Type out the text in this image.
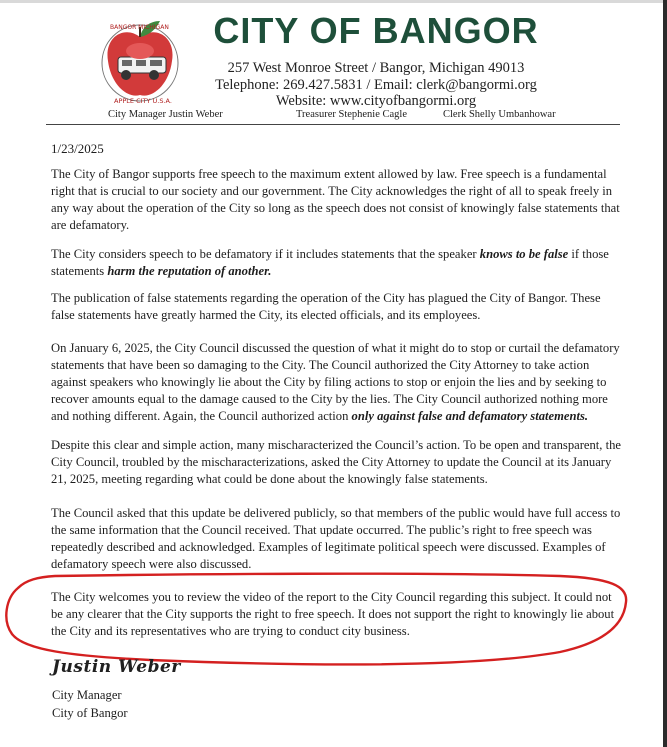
BANGOR MICHIGAN
APPLE CITY U.S.A.
CITY OF BANGOR
257 West Monroe Street / Bangor, Michigan 49013
Telephone: 269.427.5831 / Email: clerk@bangormi.org
Website: www.cityofbangormi.org
City Manager Justin Weber	Treasurer Stephenie Cagle	Clerk Shelly Umbanhowar
1/23/2025
The City of Bangor supports free speech to the maximum extent allowed by law. Free speech is a fundamental right that is crucial to our society and our government. The City acknowledges the right of all to speak freely in any way about the operation of the City so long as the speech does not consist of knowingly false statements that are defamatory.
The City considers speech to be defamatory if it includes statements that the speaker knows to be false if those statements harm the reputation of another.
The publication of false statements regarding the operation of the City has plagued the City of Bangor. These false statements have greatly harmed the City, its elected officials, and its employees.
On January 6, 2025, the City Council discussed the question of what it might do to stop or curtail the defamatory statements that have been so damaging to the City. The Council authorized the City Attorney to take action against speakers who knowingly lie about the City by filing actions to stop or enjoin the lies and by seeking to recover amounts equal to the damage caused to the City by the lies. The City Council authorized nothing more and nothing different. Again, the Council authorized action only against false and defamatory statements.
Despite this clear and simple action, many mischaracterized the Council’s action. To be open and transparent, the City Council, troubled by the mischaracterizations, asked the City Attorney to update the Council at its January 21, 2025, meeting regarding what could be done about the knowingly false statements.
The Council asked that this update be delivered publicly, so that members of the public would have full access to the same information that the Council received. That update occurred. The public’s right to free speech was repeatedly described and acknowledged. Examples of legitimate political speech were discussed. Examples of defamatory speech were also discussed.
The City welcomes you to review the video of the report to the City Council regarding this subject. It could not be any clearer that the City supports the right to free speech. It does not support the right to knowingly lie about the City and its representatives who are trying to conduct city business.
Justin Weber
City Manager
City of Bangor
